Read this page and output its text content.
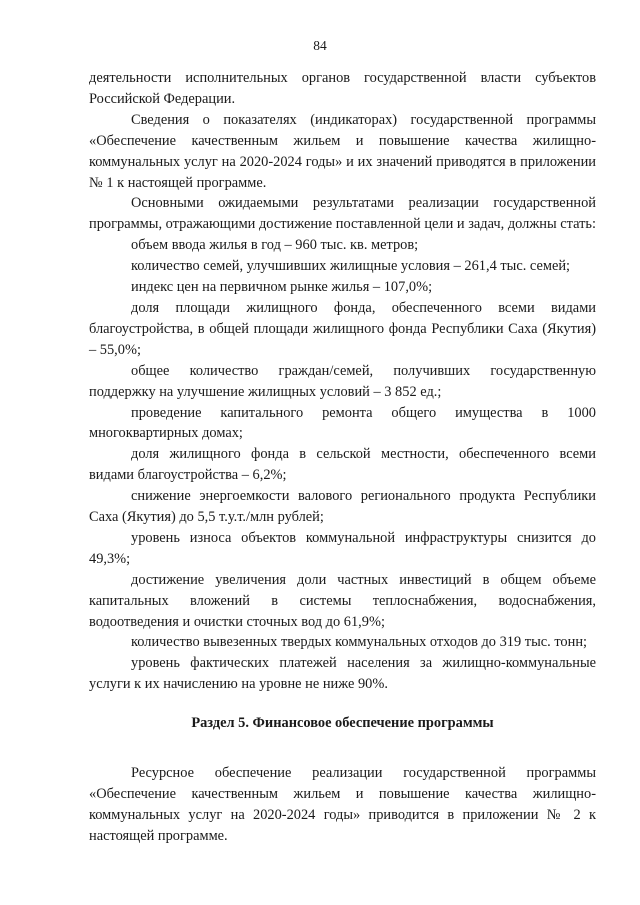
84

деятельности исполнительных органов государственной власти субъектов Российской Федерации.

Сведения о показателях (индикаторах) государственной программы «Обеспечение качественным жильем и повышение качества жилищно-коммунальных услуг на 2020-2024 годы» и их значений приводятся в приложении № 1 к настоящей программе.

Основными ожидаемыми результатами реализации государственной программы, отражающими достижение поставленной цели и задач, должны стать:

объем ввода жилья в год – 960 тыс. кв. метров;

количество семей, улучшивших жилищные условия – 261,4 тыс. семей;

индекс цен на первичном рынке жилья – 107,0%;

доля площади жилищного фонда, обеспеченного всеми видами благоустройства, в общей площади жилищного фонда Республики Саха (Якутия) – 55,0%;

общее количество граждан/семей, получивших государственную поддержку на улучшение жилищных условий – 3 852 ед.;

проведение капитального ремонта общего имущества в 1000 многоквартирных домах;

доля жилищного фонда в сельской местности, обеспеченного всеми видами благоустройства – 6,2%;

снижение энергоемкости валового регионального продукта Республики Саха (Якутия) до 5,5 т.у.т./млн рублей;

уровень износа объектов коммунальной инфраструктуры снизится до 49,3%;

достижение увеличения доли частных инвестиций в общем объеме капитальных вложений в системы теплоснабжения, водоснабжения, водоотведения и очистки сточных вод до 61,9%;

количество вывезенных твердых коммунальных отходов до 319 тыс. тонн;

уровень фактических платежей населения за жилищно-коммунальные услуги к их начислению на уровне не ниже 90%.

Раздел 5. Финансовое обеспечение программы

Ресурсное обеспечение реализации государственной программы «Обеспечение качественным жильем и повышение качества жилищно-коммунальных услуг на 2020-2024 годы» приводится в приложении № 2 к настоящей программе.
